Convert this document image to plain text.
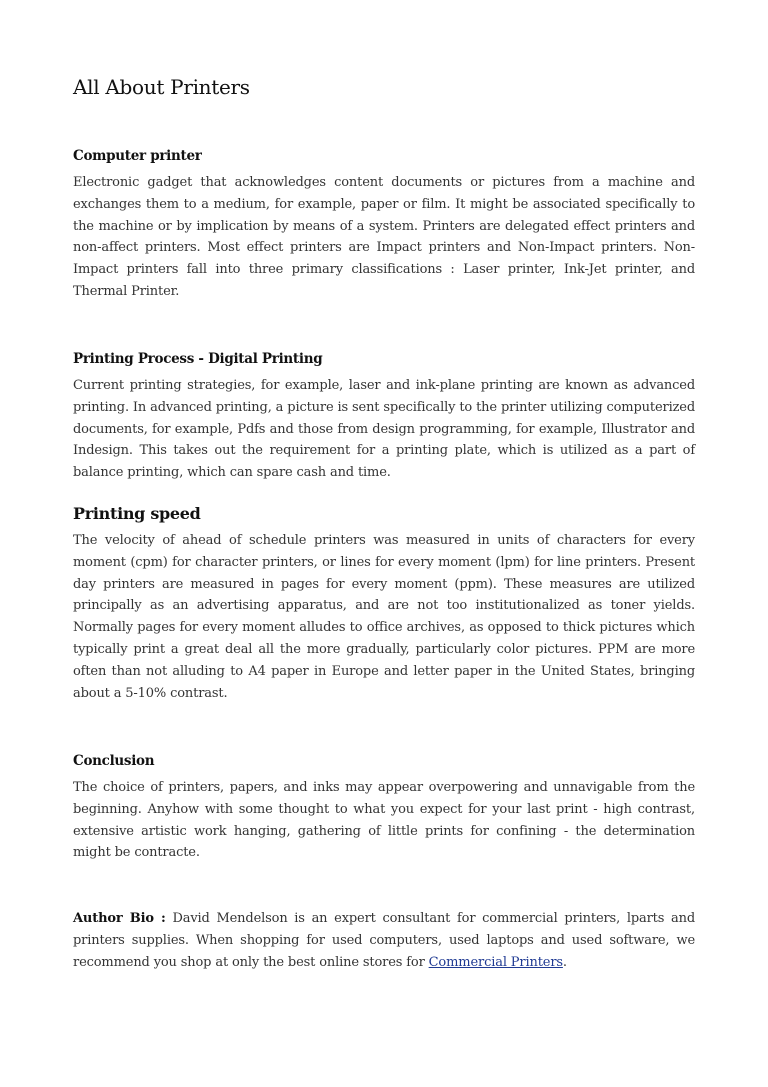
All About Printers
Computer printer

Electronic gadget that acknowledges content documents or pictures from a machine and exchanges them to a medium, for example, paper or film. It might be associated specifically to the machine or by implication by means of a system. Printers are delegated effect printers and non-affect printers. Most effect printers are Impact printers and Non-Impact printers. Non-Impact printers fall into three primary classifications : Laser printer, Ink-Jet printer, and Thermal Printer.

Printing Process - Digital Printing

Current printing strategies, for example, laser and ink-plane printing are known as advanced printing. In advanced printing, a picture is sent specifically to the printer utilizing computerized documents, for example, Pdfs and those from design programming, for example, Illustrator and Indesign. This takes out the requirement for a printing plate, which is utilized as a part of balance printing, which can spare cash and time.

Printing speed

The velocity of ahead of schedule printers was measured in units of characters for every moment (cpm) for character printers, or lines for every moment (lpm) for line printers. Present day printers are measured in pages for every moment (ppm). These measures are utilized principally as an advertising apparatus, and are not too institutionalized as toner yields. Normally pages for every moment alludes to office archives, as opposed to thick pictures which typically print a great deal all the more gradually, particularly color pictures. PPM are more often than not alluding to A4 paper in Europe and letter paper in the United States, bringing about a 5-10% contrast.

Conclusion

The choice of printers, papers, and inks may appear overpowering and unnavigable from the beginning. Anyhow with some thought to what you expect for your last print - high contrast, extensive artistic work hanging, gathering of little prints for confining - the determination might be contracte.

Author Bio : David Mendelson is an expert consultant for commercial printers, lparts and printers supplies. When shopping for used computers, used laptops and used software, we recommend you shop at only the best online stores for Commercial Printers.
